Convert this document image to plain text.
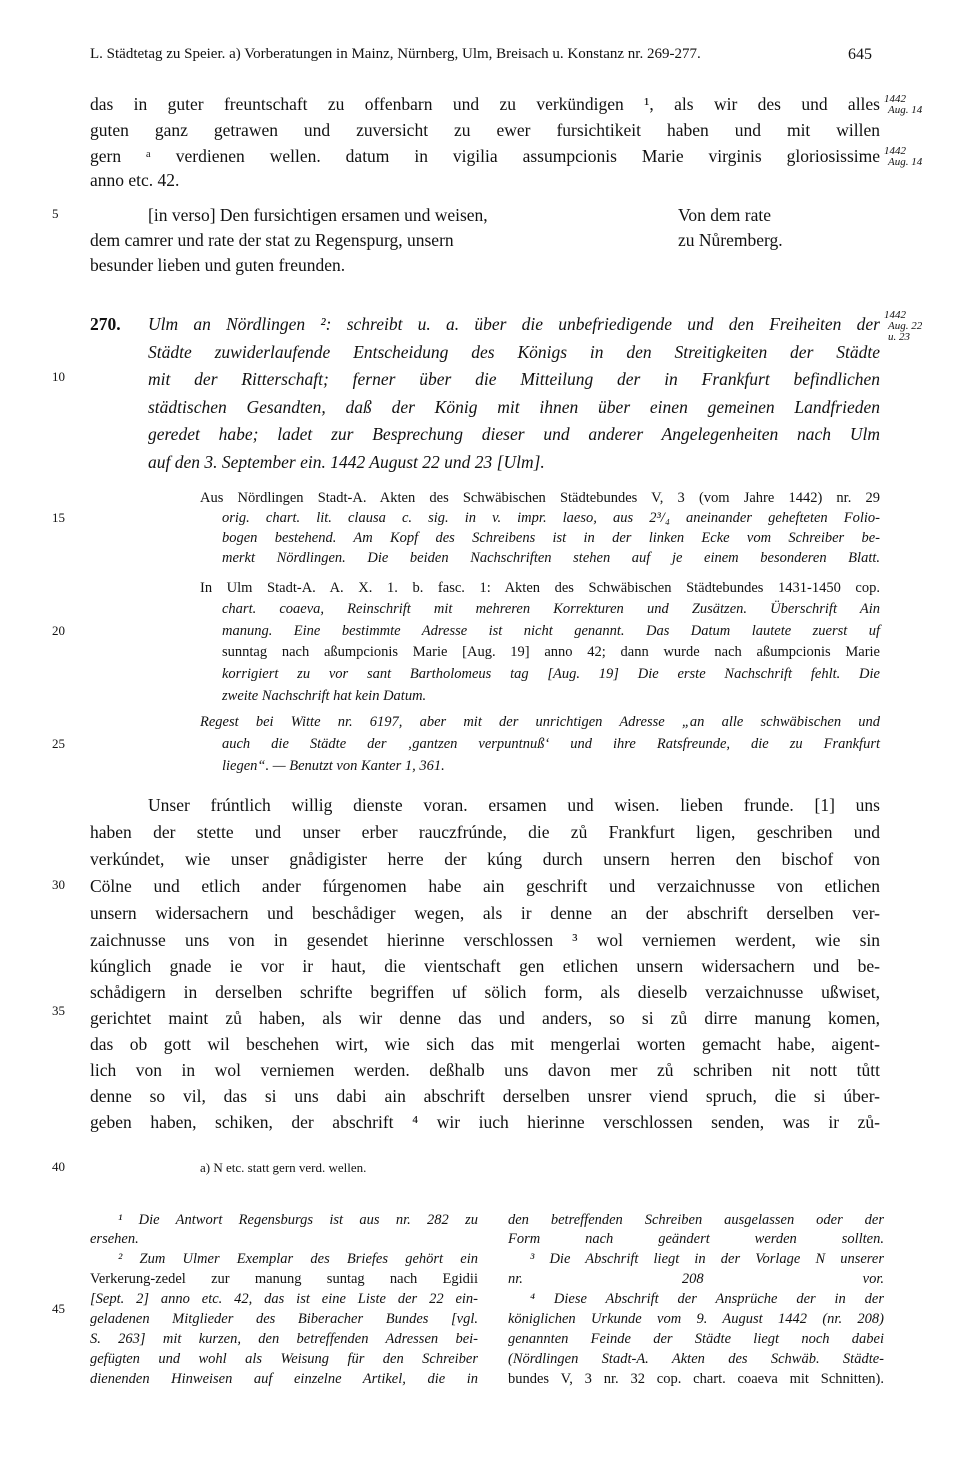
L. Städtetag zu Speier. a) Vorberatungen in Mainz, Nürnberg, Ulm, Breisach u. Konstanz nr. 269-277.	645
5
10
15
20
25
30
35
40
45
1442
Aug. 14
1442
Aug. 14
1442
Aug. 22
u. 23
das in guter freuntschaft zu offenbarn und zu verkündigen ¹, als wir des und alles
guten ganz getrawen und zuversicht zu ewer fursichtikeit haben und mit willen
gern ᵃ verdienen wellen. datum in vigilia assumpcionis Marie virginis gloriosissime
anno etc. 42.
[in verso] Den fursichtigen ersamen und weisen,
dem camrer und rate der stat zu Regenspurg, unsern
besunder lieben und guten freunden.
Von dem rate
zu Nůremberg.
270. Ulm an Nördlingen ²: schreibt u. a. über die unbefriedigende und den Freiheiten der
Städte zuwiderlaufende Entscheidung des Königs in den Streitigkeiten der Städte
mit der Ritterschaft; ferner über die Mitteilung der in Frankfurt befindlichen
städtischen Gesandten, daß der König mit ihnen über einen gemeinen Landfrieden
geredet habe; ladet zur Besprechung dieser und anderer Angelegenheiten nach Ulm
auf den 3. September ein. 1442 August 22 und 23 [Ulm].
Aus Nördlingen Stadt-A. Akten des Schwäbischen Städtebundes V, 3 (vom Jahre 1442) nr. 29
orig. chart. lit. clausa c. sig. in v. impr. laeso, aus 2³/₄ aneinander gehefteten Folio-
bogen bestehend. Am Kopf des Schreibens ist in der linken Ecke vom Schreiber be-
merkt Nördlingen. Die beiden Nachschriften stehen auf je einem besonderen Blatt.
In Ulm Stadt-A. A. X. 1. b. fasc. 1: Akten des Schwäbischen Städtebundes 1431-1450 cop.
chart. coaeva, Reinschrift mit mehreren Korrekturen und Zusätzen. Überschrift Ain
manung. Eine bestimmte Adresse ist nicht genannt. Das Datum lautete zuerst uf
sunntag nach aßumpcionis Marie [Aug. 19] anno 42; dann wurde nach aßumpcionis Marie
korrigiert zu vor sant Bartholomeus tag [Aug. 19] Die erste Nachschrift fehlt. Die
zweite Nachschrift hat kein Datum.
Regest bei Witte nr. 6197, aber mit der unrichtigen Adresse „an alle schwäbischen und
auch die Städte der ‚gantzen verpuntnuß‘ und ihre Ratsfreunde, die zu Frankfurt
liegen“. — Benutzt von Kanter 1, 361.
Unser frúntlich willig dienste voran. ersamen und wisen. lieben frunde. [1] uns
haben der stette und unser erber rauczfrúnde, die zů Frankfurt ligen, geschriben und
verkúndet, wie unser gnådigister herre der kúng durch unsern herren den bischof von
Cölne und etlich ander fúrgenomen habe ain geschrift und verzaichnusse von etlichen
unsern widersachern und beschådiger wegen, als ir denne an der abschrift derselben ver-
zaichnusse uns von in gesendet hierinne verschlossen ³ wol verniemen werdent, wie sin
kúnglich gnade ie vor ir haut, die vientschaft gen etlichen unsern widersachern und be-
schådigern in derselben schrifte begriffen uf sölich form, als dieselb verzaichnusse ußwiset,
gerichtet maint zů haben, als wir denne das und anders, so si zů dirre manung komen,
das ob gott wil beschehen wirt, wie sich das mit mengerlai worten gemacht habe, aigent-
lich von in wol verniemen werden. deßhalb uns davon mer zů schriben nit nott tůtt
denne so vil, das si uns dabi ain abschrift derselben unsrer viend spruch, die si úber-
geben haben, schiken, der abschrift ⁴ wir iuch hierinne verschlossen senden, was ir zů-
a) N etc. statt gern verd. wellen.
¹ Die Antwort Regensburgs ist aus nr. 282 zu
ersehen.
² Zum Ulmer Exemplar des Briefes gehört ein
Verkerung-zedel zur manung suntag nach Egidii
[Sept. 2] anno etc. 42, das ist eine Liste der 22 ein-
geladenen Mitglieder des Biberacher Bundes [vgl.
S. 263] mit kurzen, den betreffenden Adressen bei-
gefügten und wohl als Weisung für den Schreiber
dienenden Hinweisen auf einzelne Artikel, die in
den betreffenden Schreiben ausgelassen oder der
Form nach geändert werden sollten.
³ Die Abschrift liegt in der Vorlage N unserer
nr. 208 vor.
⁴ Diese Abschrift der Ansprüche der in der
königlichen Urkunde vom 9. August 1442 (nr. 208)
genannten Feinde der Städte liegt noch dabei
(Nördlingen Stadt-A. Akten des Schwäb. Städte-
bundes V, 3 nr. 32 cop. chart. coaeva mit Schnitten).
